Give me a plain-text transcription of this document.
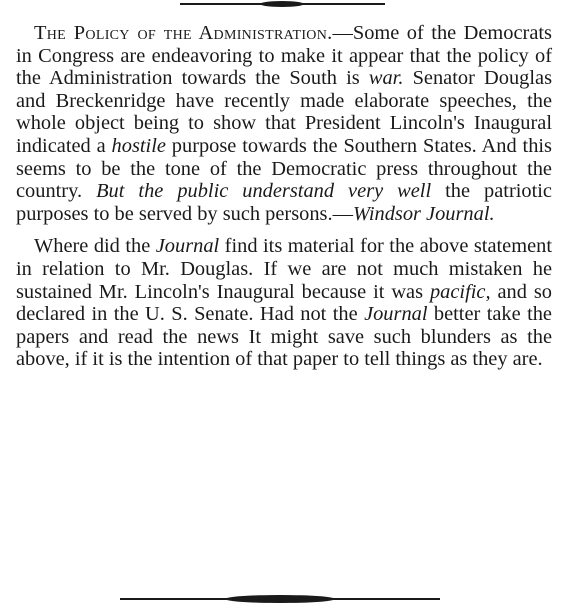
The Policy of the Administration.—Some of the Democrats in Congress are endeavoring to make it appear that the policy of the Administration towards the South is war. Senator Douglas and Breckenridge have recently made elaborate speeches, the whole object being to show that President Lincoln's Inaugural indicated a hostile purpose towards the Southern States. And this seems to be the tone of the Democratic press throughout the country. But the public understand very well the patriotic purposes to be served by such persons.—Windsor Journal.

Where did the Journal find its material for the above statement in relation to Mr. Douglas. If we are not much mistaken he sustained Mr. Lincoln's Inaugural because it was pacific, and so declared in the U. S. Senate. Had not the Journal better take the papers and read the news It might save such blunders as the above, if it is the intention of that paper to tell things as they are.
